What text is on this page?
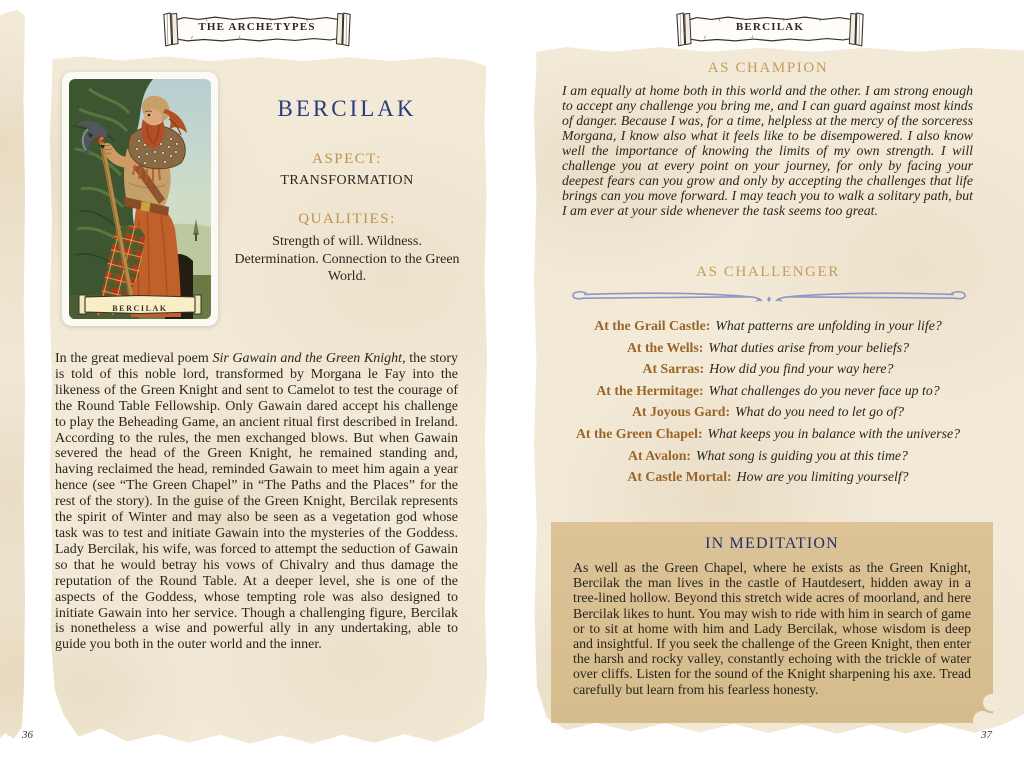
THE ARCHETYPES	BERCILAK
BERCILAK
BERCILAK
ASPECT:
TRANSFORMATION
QUALITIES:
Strength of will. Wildness. Determination. Connection to the Green World.

In the great medieval poem Sir Gawain and the Green Knight, the story is told of this noble lord, transformed by Morgana le Fay into the likeness of the Green Knight and sent to Camelot to test the courage of the Round Table Fellowship. Only Gawain dared accept his challenge to play the Beheading Game, an ancient ritual first described in Ireland. According to the rules, the men exchanged blows. But when Gawain severed the head of the Green Knight, he remained standing and, having reclaimed the head, reminded Gawain to meet him again a year hence (see “The Green Chapel” in “The Paths and the Places” for the rest of the story). In the guise of the Green Knight, Bercilak represents the spirit of Winter and may also be seen as a vegetation god whose task was to test and initiate Gawain into the mysteries of the Goddess. Lady Bercilak, his wife, was forced to attempt the seduction of Gawain so that he would betray his vows of Chivalry and thus damage the reputation of the Round Table. At a deeper level, she is one of the aspects of the Goddess, whose tempting role was also designed to initiate Gawain into her service. Though a challenging figure, Bercilak is nonetheless a wise and powerful ally in any undertaking, able to guide you both in the outer world and the inner.

AS CHAMPION

I am equally at home both in this world and the other. I am strong enough to accept any challenge you bring me, and I can guard against most kinds of danger. Because I was, for a time, helpless at the mercy of the sorceress Morgana, I know also what it feels like to be disempowered. I also know well the importance of knowing the limits of my own strength. I will challenge you at every point on your journey, for only by facing your deepest fears can you grow and only by accepting the challenges that life brings can you move forward. I may teach you to walk a solitary path, but I am ever at your side whenever the task seems too great.

AS CHALLENGER
At the Grail Castle: What patterns are unfolding in your life?
At the Wells: What duties arise from your beliefs?
At Sarras: How did you find your way here?
At the Hermitage: What challenges do you never face up to?
At Joyous Gard: What do you need to let go of?
At the Green Chapel: What keeps you in balance with the universe?
At Avalon: What song is guiding you at this time?
At Castle Mortal: How are you limiting yourself?
IN MEDITATION

As well as the Green Chapel, where he exists as the Green Knight, Bercilak the man lives in the castle of Hautdesert, hidden away in a tree-lined hollow. Beyond this stretch wide acres of moorland, and here Bercilak likes to hunt. You may wish to ride with him in search of game or to sit at home with him and Lady Bercilak, whose wisdom is deep and insightful. If you seek the challenge of the Green Knight, then enter the harsh and rocky valley, constantly echoing with the trickle of water over cliffs. Listen for the sound of the Knight sharpening his axe. Tread carefully but learn from his fearless honesty.

36	37
